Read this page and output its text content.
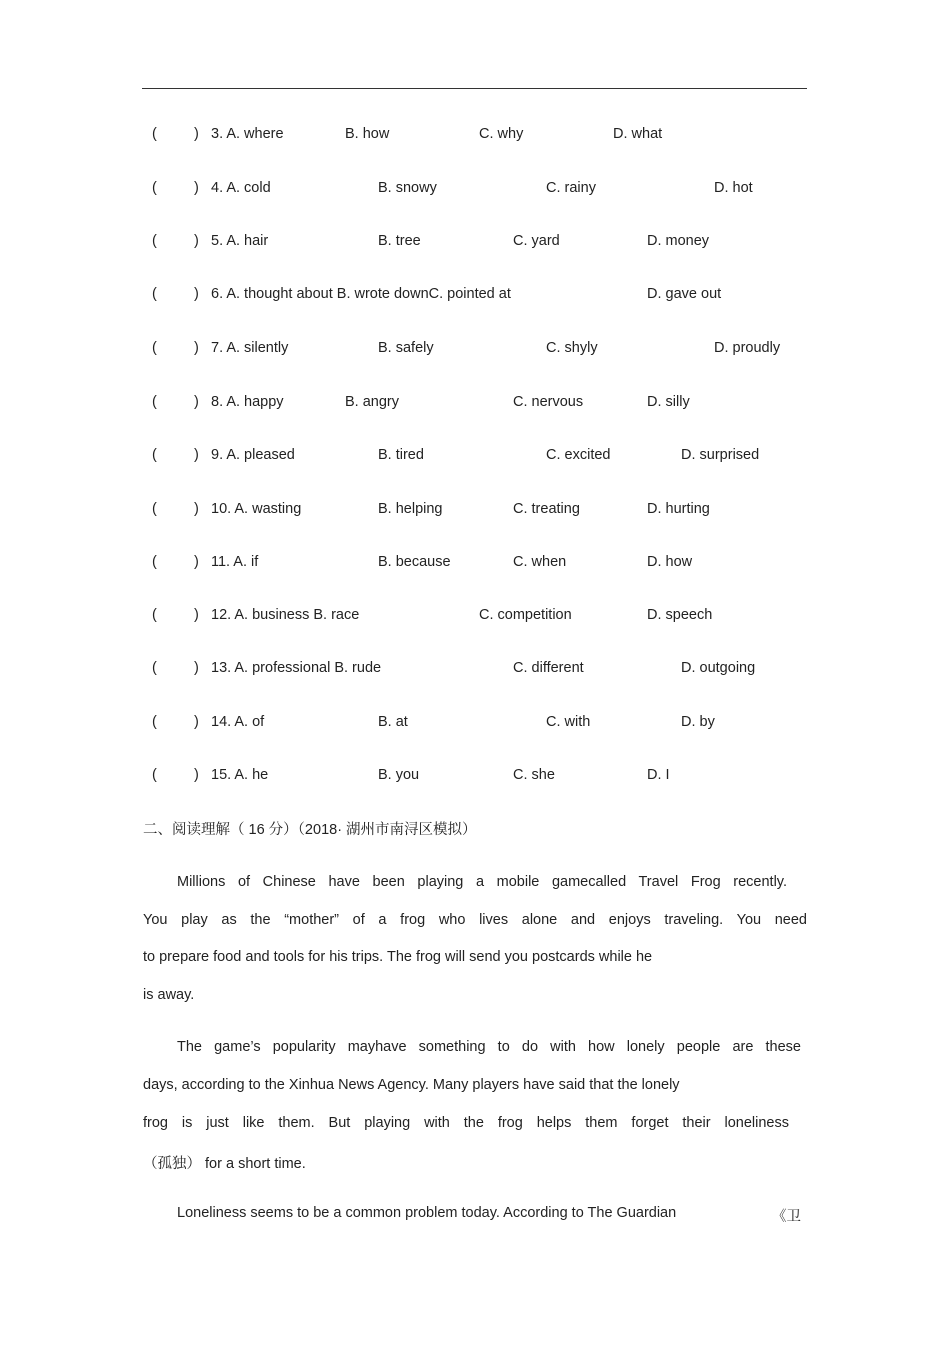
(	) 3. A. where	B. how	C. why	D. what
(	) 4. A. cold	B. snowy	C. rainy	D. hot
(	) 5. A. hair	B. tree	C. yard	D. money
(	) 6. A. thought about B. wrote downC. pointed at	D. gave out
(	) 7. A. silently	B. safely	C. shyly	D. proudly
(	) 8. A. happy	B. angry	C. nervous	D. silly
(	) 9. A. pleased	B. tired	C. excited	D. surprised
(	) 10. A. wasting	B. helping	C. treating	D. hurting
(	) 11. A. if	B. because	C. when	D. how
(	) 12. A. business B. race	C. competition	D. speech
(	) 13. A. professional B. rude	C. different	D. outgoing
(	) 14. A. of	B. at	C. with	D. by
(	) 15. A. he	B. you	C. she	D. I
二、阅读理解（ 16 分）（2018· 湖州市南浔区模拟）
Millions of Chinese have been playing a mobile gamecalled Travel Frog recently.
You play as the “mother” of a frog who lives alone and enjoys traveling. You need
to prepare food and tools for his trips. The frog will send you postcards while he
is away.
The game’s popularity mayhave something to do with how lonely people are these
days, according to the Xinhua News Agency. Many players have said that the lonely
frog is just like them. But playing with the frog helps them forget their loneliness
（孤独） for a short time.
Loneliness seems to be a common problem today. According to The Guardian	《卫
